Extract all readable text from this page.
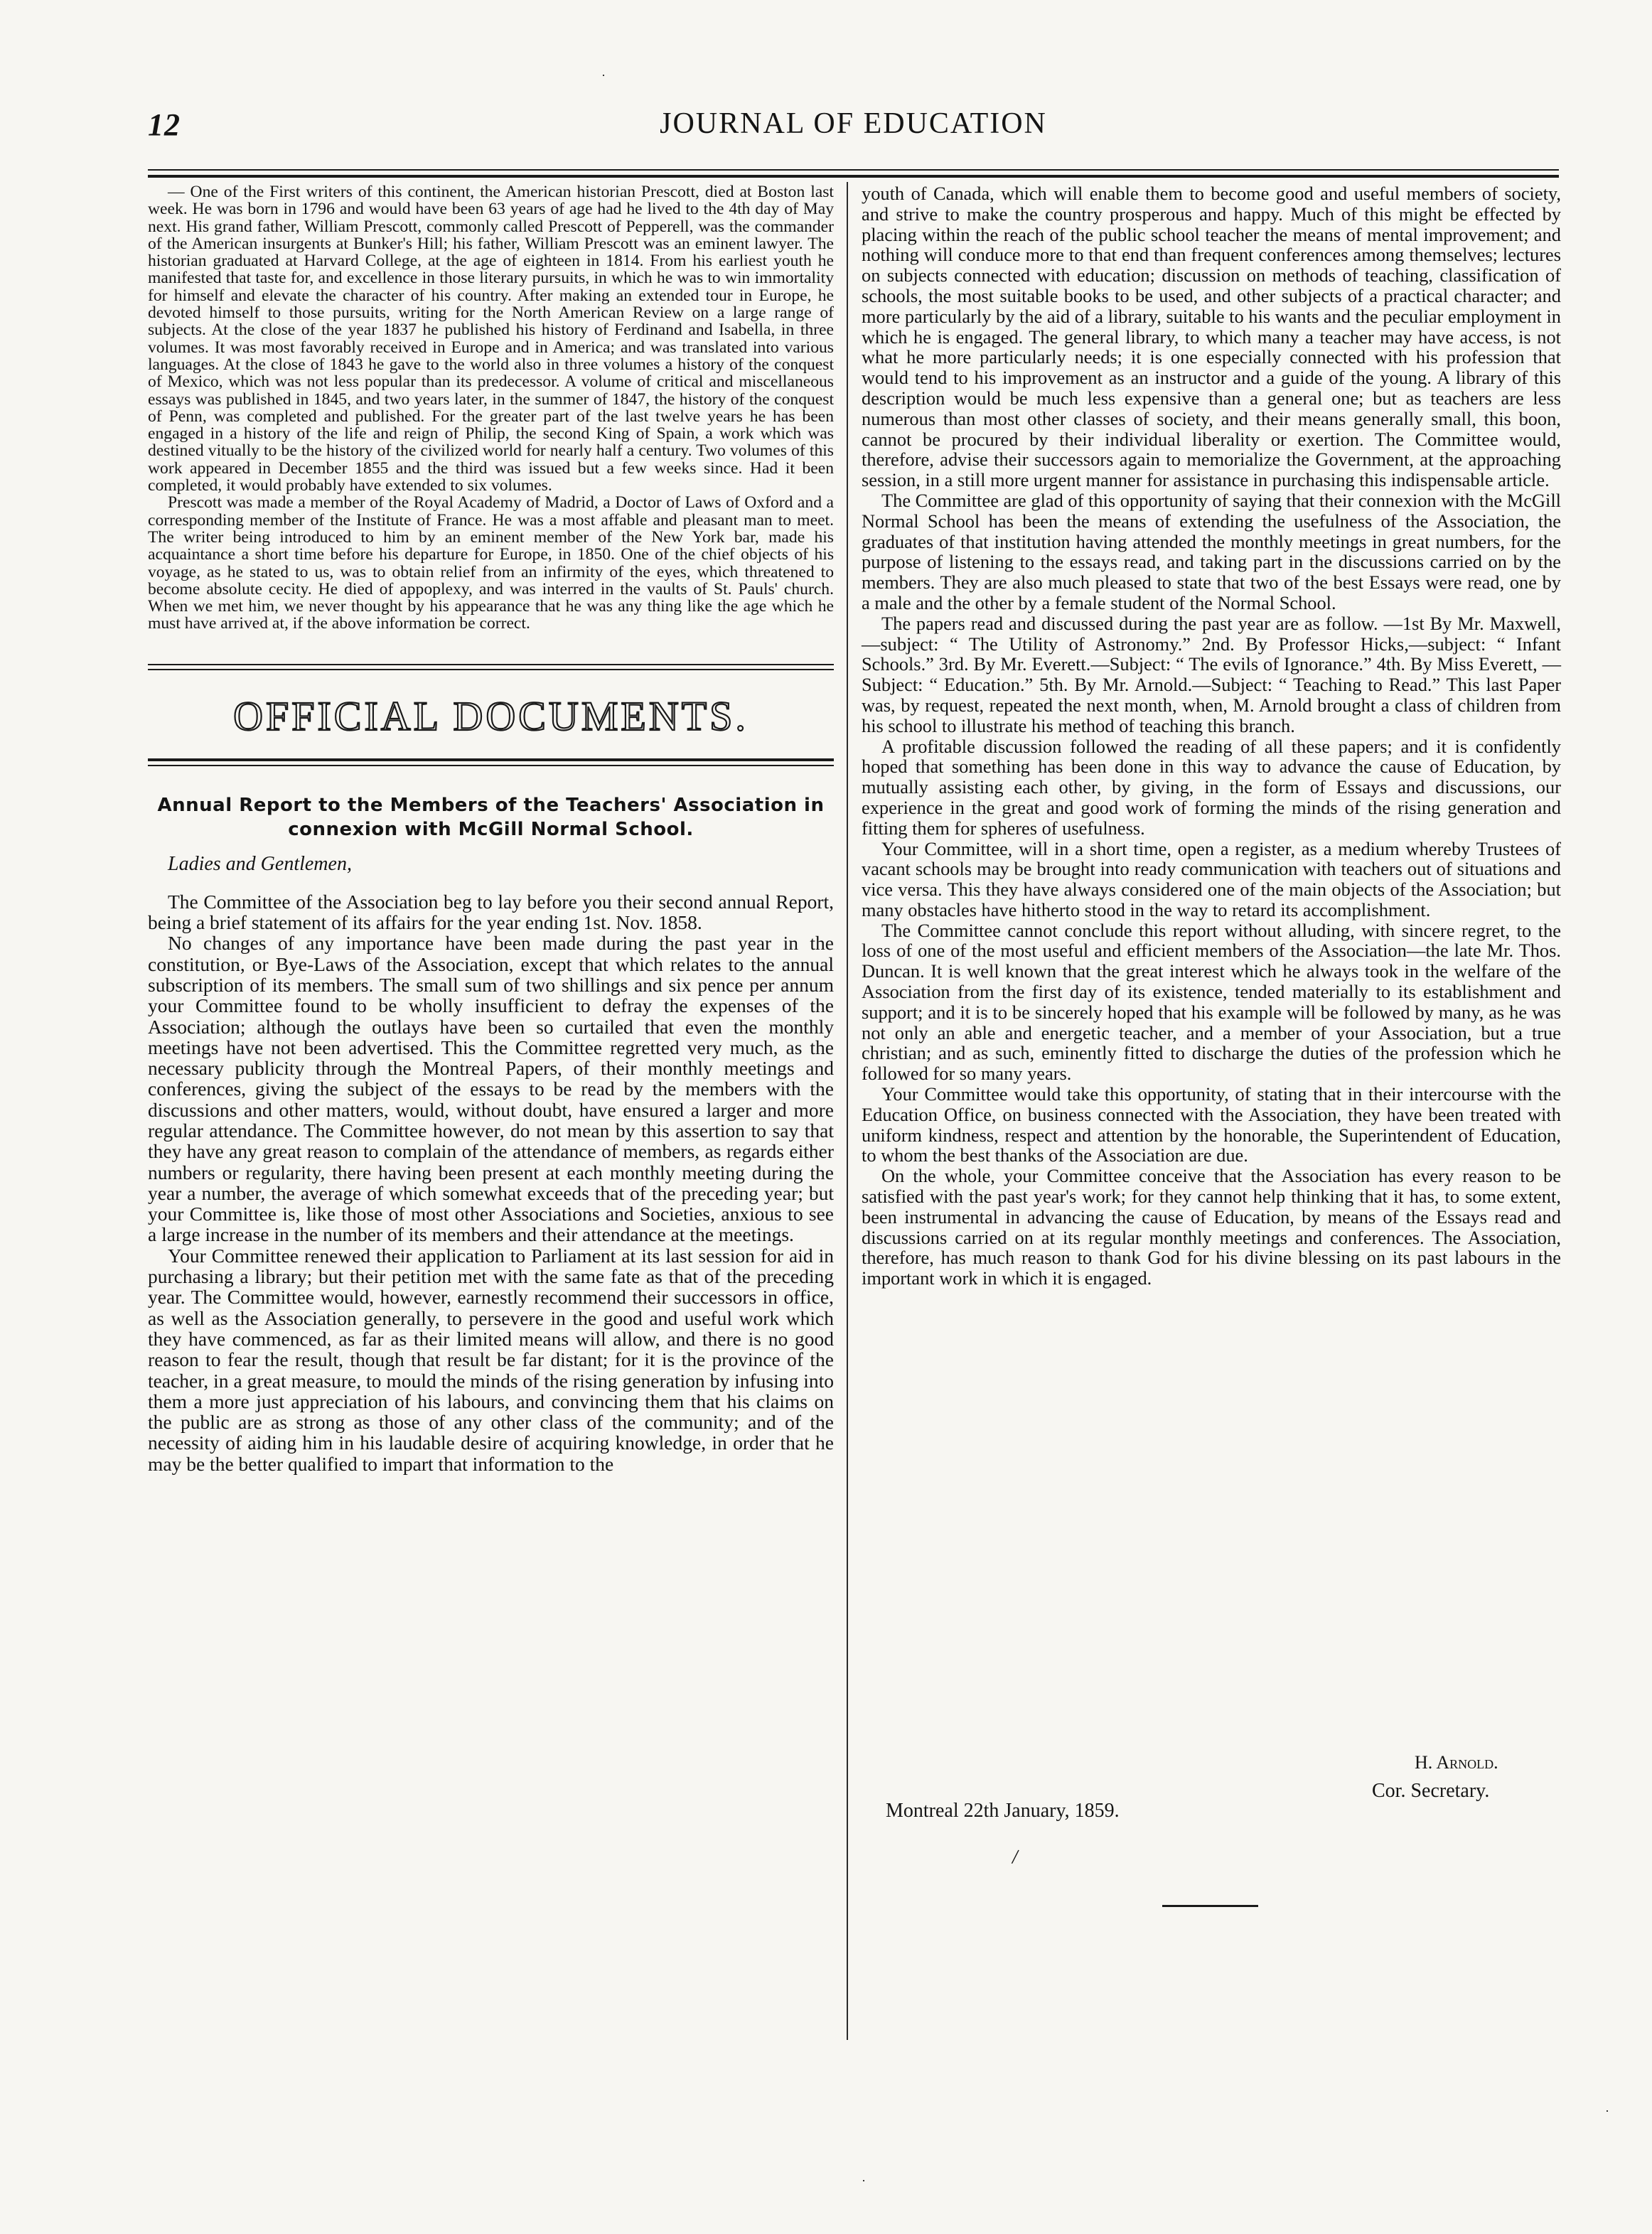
12	JOURNAL OF EDUCATION

— One of the First writers of this continent, the American historian Prescott, died at Boston last week. He was born in 1796 and would have been 63 years of age had he lived to the 4th day of May next. His grand father, William Prescott, commonly called Prescott of Pepperell, was the commander of the American insurgents at Bunker's Hill; his father, William Prescott was an eminent lawyer. The historian graduated at Harvard College, at the age of eighteen in 1814. From his earliest youth he manifested that taste for, and excellence in those literary pursuits, in which he was to win immortality for himself and elevate the character of his country. After making an extended tour in Europe, he devoted himself to those pursuits, writing for the North American Review on a large range of subjects. At the close of the year 1837 he published his history of Ferdinand and Isabella, in three volumes. It was most favorably received in Europe and in America; and was translated into various languages. At the close of 1843 he gave to the world also in three volumes a history of the conquest of Mexico, which was not less popular than its predecessor. A volume of critical and miscellaneous essays was published in 1845, and two years later, in the summer of 1847, the history of the conquest of Penn, was completed and published. For the greater part of the last twelve years he has been engaged in a history of the life and reign of Philip, the second King of Spain, a work which was destined vitually to be the history of the civilized world for nearly half a century. Two volumes of this work appeared in December 1855 and the third was issued but a few weeks since. Had it been completed, it would probably have extended to six volumes.

Prescott was made a member of the Royal Academy of Madrid, a Doctor of Laws of Oxford and a corresponding member of the Institute of France. He was a most affable and pleasant man to meet. The writer being introduced to him by an eminent member of the New York bar, made his acquaintance a short time before his departure for Europe, in 1850. One of the chief objects of his voyage, as he stated to us, was to obtain relief from an infirmity of the eyes, which threatened to become absolute cecity. He died of appoplexy, and was interred in the vaults of St. Pauls' church. When we met him, we never thought by his appearance that he was any thing like the age which he must have arrived at, if the above information be correct.

OFFICIAL DOCUMENTS.
Annual Report to the Members of the Teachers' Association in connexion with McGill Normal School.

Ladies and Gentlemen,

The Committee of the Association beg to lay before you their second annual Report, being a brief statement of its affairs for the year ending 1st. Nov. 1858.

No changes of any importance have been made during the past year in the constitution, or Bye-Laws of the Association, except that which relates to the annual subscription of its members. The small sum of two shillings and six pence per annum your Committee found to be wholly insufficient to defray the expenses of the Association; although the outlays have been so curtailed that even the monthly meetings have not been advertised. This the Committee regretted very much, as the necessary publicity through the Montreal Papers, of their monthly meetings and conferences, giving the subject of the essays to be read by the members with the discussions and other matters, would, without doubt, have ensured a larger and more regular attendance. The Committee however, do not mean by this assertion to say that they have any great reason to complain of the attendance of members, as regards either numbers or regularity, there having been present at each monthly meeting during the year a number, the average of which somewhat exceeds that of the preceding year; but your Committee is, like those of most other Associations and Societies, anxious to see a large increase in the number of its members and their attendance at the meetings.

Your Committee renewed their application to Parliament at its last session for aid in purchasing a library; but their petition met with the same fate as that of the preceding year. The Committee would, however, earnestly recommend their successors in office, as well as the Association generally, to persevere in the good and useful work which they have commenced, as far as their limited means will allow, and there is no good reason to fear the result, though that result be far distant; for it is the province of the teacher, in a great measure, to mould the minds of the rising generation by infusing into them a more just appreciation of his labours, and convincing them that his claims on the public are as strong as those of any other class of the community; and of the necessity of aiding him in his laudable desire of acquiring knowledge, in order that he may be the better qualified to impart that information to the

youth of Canada, which will enable them to become good and useful members of society, and strive to make the country prosperous and happy. Much of this might be effected by placing within the reach of the public school teacher the means of mental improvement; and nothing will conduce more to that end than frequent conferences among themselves; lectures on subjects connected with education; discussion on methods of teaching, classification of schools, the most suitable books to be used, and other subjects of a practical character; and more particularly by the aid of a library, suitable to his wants and the peculiar employment in which he is engaged. The general library, to which many a teacher may have access, is not what he more particularly needs; it is one especially connected with his profession that would tend to his improvement as an instructor and a guide of the young. A library of this description would be much less expensive than a general one; but as teachers are less numerous than most other classes of society, and their means generally small, this boon, cannot be procured by their individual liberality or exertion. The Committee would, therefore, advise their successors again to memorialize the Government, at the approaching session, in a still more urgent manner for assistance in purchasing this indispensable article.

The Committee are glad of this opportunity of saying that their connexion with the McGill Normal School has been the means of extending the usefulness of the Association, the graduates of that institution having attended the monthly meetings in great numbers, for the purpose of listening to the essays read, and taking part in the discussions carried on by the members. They are also much pleased to state that two of the best Essays were read, one by a male and the other by a female student of the Normal School.

The papers read and discussed during the past year are as follow. —1st By Mr. Maxwell,—subject: “ The Utility of Astronomy.” 2nd. By Professor Hicks,—subject: “ Infant Schools.” 3rd. By Mr. Everett.—Subject: “ The evils of Ignorance.” 4th. By Miss Everett, —Subject: “ Education.” 5th. By Mr. Arnold.—Subject: “ Teaching to Read.” This last Paper was, by request, repeated the next month, when, M. Arnold brought a class of children from his school to illustrate his method of teaching this branch.

A profitable discussion followed the reading of all these papers; and it is confidently hoped that something has been done in this way to advance the cause of Education, by mutually assisting each other, by giving, in the form of Essays and discussions, our experience in the great and good work of forming the minds of the rising generation and fitting them for spheres of usefulness.

Your Committee, will in a short time, open a register, as a medium whereby Trustees of vacant schools may be brought into ready communication with teachers out of situations and vice versa. This they have always considered one of the main objects of the Association; but many obstacles have hitherto stood in the way to retard its accomplishment.

The Committee cannot conclude this report without alluding, with sincere regret, to the loss of one of the most useful and efficient members of the Association—the late Mr. Thos. Duncan. It is well known that the great interest which he always took in the welfare of the Association from the first day of its existence, tended materially to its establishment and support; and it is to be sincerely hoped that his example will be followed by many, as he was not only an able and energetic teacher, and a member of your Association, but a true christian; and as such, eminently fitted to discharge the duties of the profession which he followed for so many years.

Your Committee would take this opportunity, of stating that in their intercourse with the Education Office, on business connected with the Association, they have been treated with uniform kindness, respect and attention by the honorable, the Superintendent of Education, to whom the best thanks of the Association are due.

On the whole, your Committee conceive that the Association has every reason to be satisfied with the past year's work; for they cannot help thinking that it has, to some extent, been instrumental in advancing the cause of Education, by means of the Essays read and discussions carried on at its regular monthly meetings and conferences. The Association, therefore, has much reason to thank God for his divine blessing on its past labours in the important work in which it is engaged.

H. Arnold.
Cor. Secretary.
Montreal 22th January, 1859.
/
·
·
·
